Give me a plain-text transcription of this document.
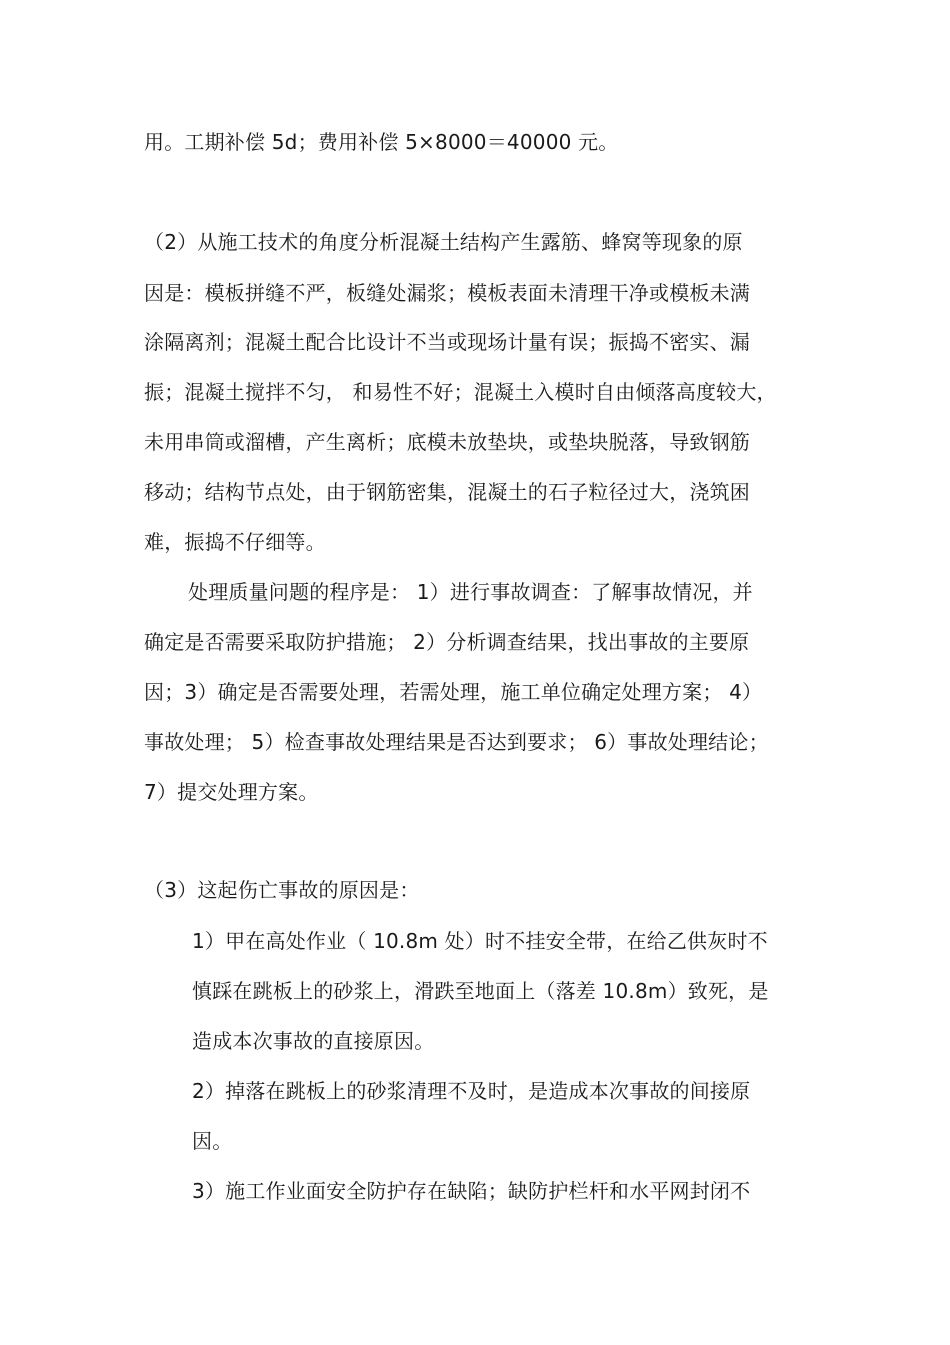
用。工期补偿 5d；费用补偿 5×8000＝40000 元。

（2）从施工技术的角度分析混凝土结构产生露筋、蜂窝等现象的原

因是：模板拼缝不严，板缝处漏浆；模板表面未清理干净或模板未满

涂隔离剂；混凝土配合比设计不当或现场计量有误；振捣不密实、漏

振；混凝土搅拌不匀， 和易性不好；混凝土入模时自由倾落高度较大，

未用串筒或溜槽，产生离析；底模未放垫块，或垫块脱落，导致钢筋

移动；结构节点处，由于钢筋密集，混凝土的石子粒径过大，浇筑困

难，振捣不仔细等。

处理质量问题的程序是： 1）进行事故调查：了解事故情况，并

确定是否需要采取防护措施； 2）分析调查结果，找出事故的主要原

因；3）确定是否需要处理，若需处理，施工单位确定处理方案； 4）

事故处理； 5）检查事故处理结果是否达到要求； 6）事故处理结论；

7）提交处理方案。

（3）这起伤亡事故的原因是：

1）甲在高处作业（ 10.8m 处）时不挂安全带，在给乙供灰时不

慎踩在跳板上的砂浆上，滑跌至地面上（落差 10.8m）致死，是

造成本次事故的直接原因。

2）掉落在跳板上的砂浆清理不及时，是造成本次事故的间接原

因。

3）施工作业面安全防护存在缺陷；缺防护栏杆和水平网封闭不
